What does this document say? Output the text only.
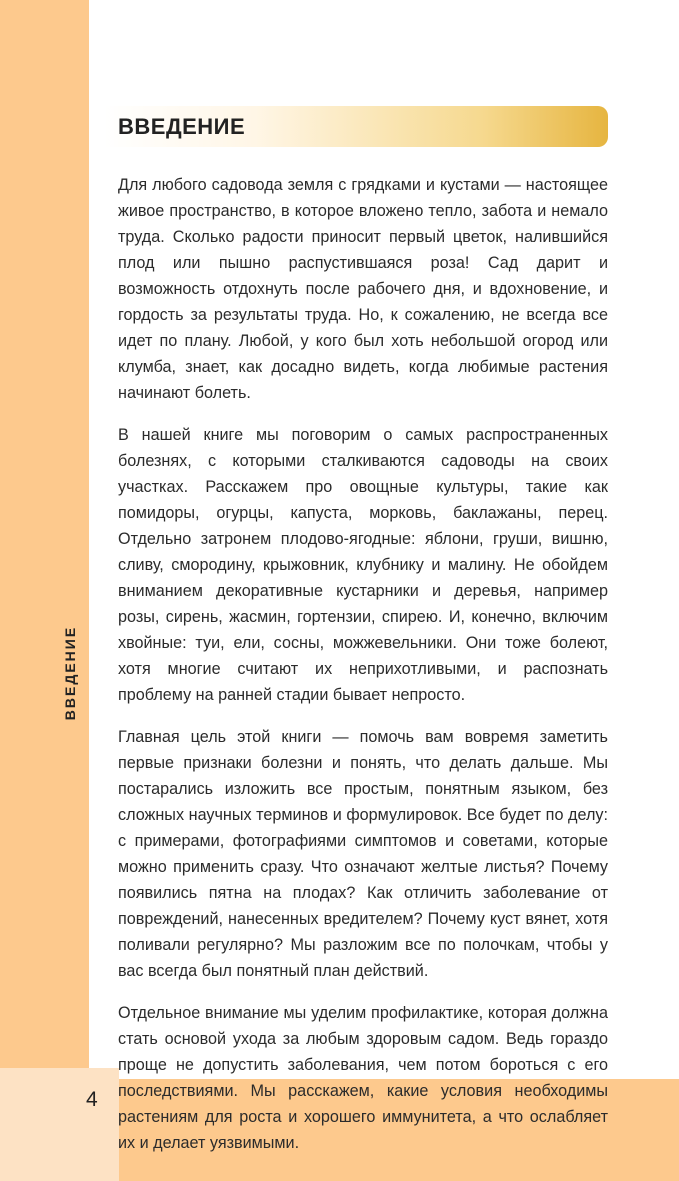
4
ВВЕДЕНИЕ
ВВЕДЕНИЕ

Для любого садовода земля с грядками и кустами — настоящее живое пространство, в которое вложено тепло, забота и немало труда. Сколько радости приносит первый цветок, налившийся плод или пышно распустившаяся роза! Сад дарит и возможность отдохнуть после рабочего дня, и вдохновение, и гордость за результаты труда. Но, к сожалению, не всегда все идет по плану. Любой, у кого был хоть небольшой огород или клумба, знает, как досадно видеть, когда любимые растения начинают болеть.

В нашей книге мы поговорим о самых распространенных болезнях, с которыми сталкиваются садоводы на своих участках. Расскажем про овощные культуры, такие как помидоры, огурцы, капуста, морковь, баклажаны, перец. Отдельно затронем плодово-ягодные: яблони, груши, вишню, сливу, смородину, крыжовник, клубнику и малину. Не обойдем вниманием декоративные кустарники и деревья, например розы, сирень, жасмин, гортензии, спирею. И, конечно, включим хвойные: туи, ели, сосны, можжевельники. Они тоже болеют, хотя многие считают их неприхотливыми, и распознать проблему на ранней стадии бывает непросто.

Главная цель этой книги — помочь вам вовремя заметить первые признаки болезни и понять, что делать дальше. Мы постарались изложить все простым, понятным языком, без сложных научных терминов и формулировок. Все будет по делу: с примерами, фотографиями симптомов и советами, которые можно применить сразу. Что означают желтые листья? Почему появились пятна на плодах? Как отличить заболевание от повреждений, нанесенных вредителем? Почему куст вянет, хотя поливали регулярно? Мы разложим все по полочкам, чтобы у вас всегда был понятный план действий.

Отдельное внимание мы уделим профилактике, которая должна стать основой ухода за любым здоровым садом. Ведь гораздо проще не допустить заболевания, чем потом бороться с его последствиями. Мы расскажем, какие условия необходимы растениям для роста и хорошего иммунитета, а что ослабляет их и делает уязвимыми.
